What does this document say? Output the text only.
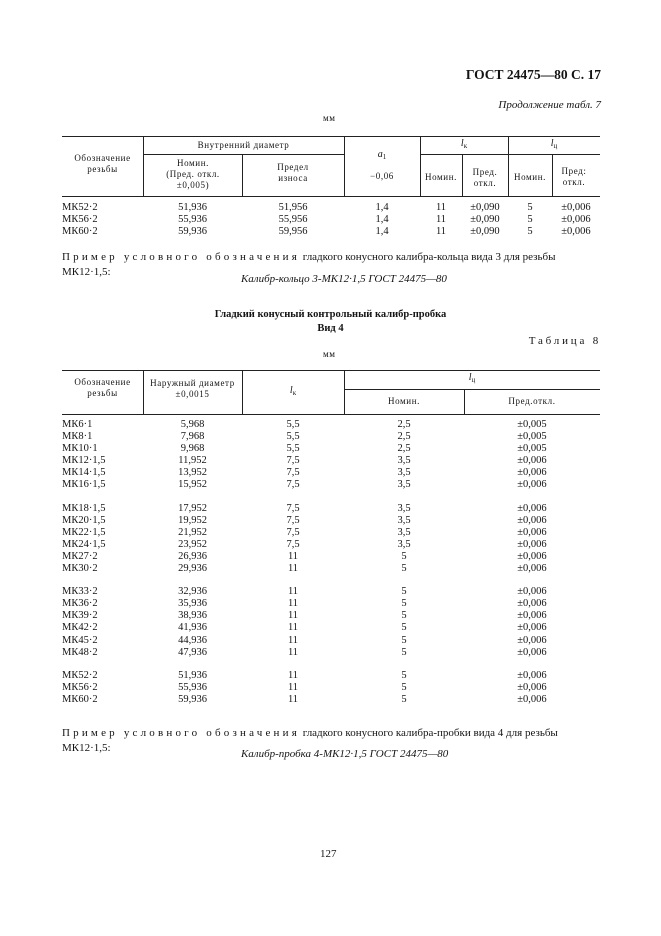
ГОСТ 24475—80 С. 17
Продолжение табл. 7
мм
Обозначение резьбы
Внутренний диаметр
Номин. (Пред. откл. ±0,005)
Предел износа
$a_1$
−0,06
$l_к$	$l_ц$
Номин.	Пред. откл.
Номин.
Пред: откл.
МК52·2	51,936	51,956	1,4	11	±0,090	5	±0,006
МК56·2	55,936	55,956	1,4	11	±0,090	5	±0,006
МК60·2	59,936	59,956	1,4	11	±0,090	5	±0,006
Пример условного обозначения гладкого конусного калибра-кольца вида 3 для резьбы
МК12·1,5:
Калибр-кольцо 3-МК12·1,5 ГОСТ 24475—80
Гладкий конусный контрольный калибр-пробка
Вид 4
Таблица 8
мм
Обозначение резьбы
Наружный диаметр ±0,0015	$l_к$
$l_ц$
Номин.	Пред.откл.
МК6·1	5,968	5,5	2,5	±0,005
МК8·1	7,968	5,5	2,5	±0,005
МК10·1	9,968	5,5	2,5	±0,005
МК12·1,5	11,952	7,5	3,5	±0,006
МК14·1,5	13,952	7,5	3,5	±0,006
МК16·1,5	15,952	7,5	3,5	±0,006

МК18·1,5	17,952	7,5	3,5	±0,006
МК20·1,5	19,952	7,5	3,5	±0,006
МК22·1,5	21,952	7,5	3,5	±0,006
МК24·1,5	23,952	7,5	3,5	±0,006
МК27·2	26,936	11	5	±0,006
МК30·2	29,936	11	5	±0,006

МК33·2	32,936	11	5	±0,006
МК36·2	35,936	11	5	±0,006
МК39·2	38,936	11	5	±0,006
МК42·2	41,936	11	5	±0,006
МК45·2	44,936	11	5	±0,006
МК48·2	47,936	11	5	±0,006

МК52·2	51,936	11	5	±0,006
МК56·2	55,936	11	5	±0,006
МК60·2	59,936	11	5	±0,006
Пример условного обозначения гладкого конусного калибра-пробки вида 4 для резьбы
МК12·1,5:	Калибр-пробка 4-МК12·1,5 ГОСТ 24475—80
127
